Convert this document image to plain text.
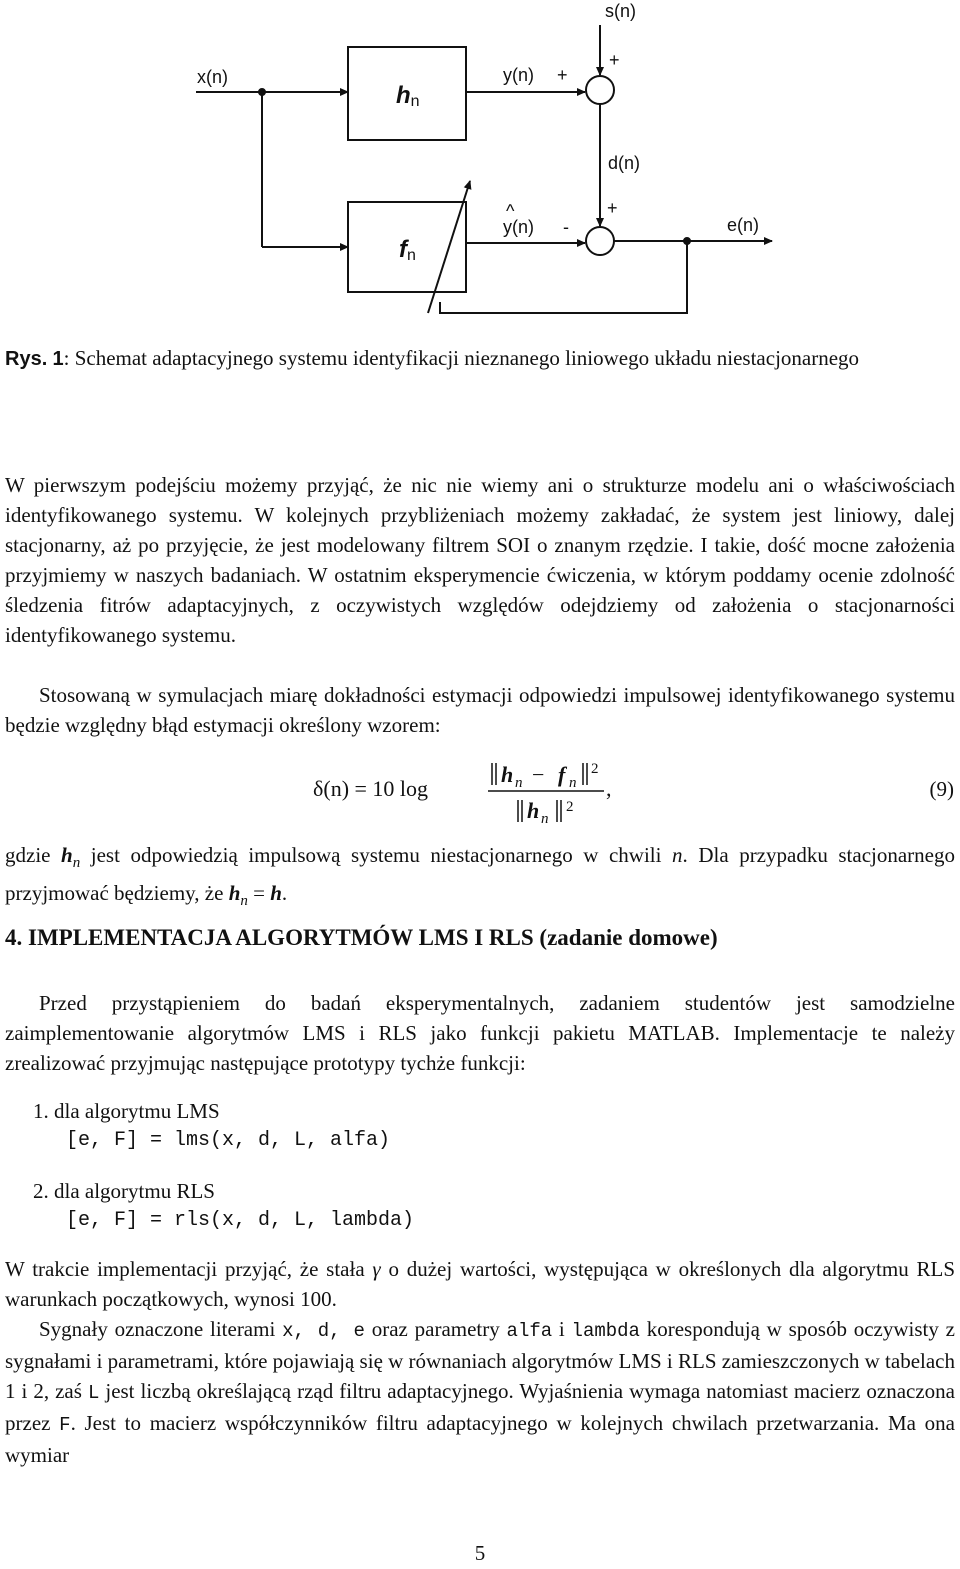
s(n)
x(n)	y(n) +
+
d(n)
y(n)
^
-
+
e(n)
hn
fn
Rys. 1: Schemat adaptacyjnego systemu identyfikacji nieznanego liniowego układu niestacjonarnego
W pierwszym podejściu możemy przyjąć, że nic nie wiemy ani o strukturze modelu ani o właściwościach identyfikowanego systemu. W kolejnych przybliżeniach możemy zakładać, że system jest liniowy, dalej stacjonarny, aż po przyjęcie, że jest modelowany filtrem SOI o znanym rzędzie. I takie, dość mocne założenia przyjmiemy w naszych badaniach. W ostatnim eksperymencie ćwiczenia, w którym poddamy ocenie zdolność śledzenia fitrów adaptacyjnych, z oczywistych względów odejdziemy od założenia o stacjonarności identyfikowanego systemu.
Stosowaną w symulacjach miarę dokładności estymacji odpowiedzi impulsowej identyfikowanego systemu będzie względny błąd estymacji określony wzorem:
δ(n) = 10 log
h n − f n
2
h n
2
,	(9)
gdzie $h_n$ jest odpowiedzią impulsową systemu niestacjonarnego w chwili n. Dla przypadku stacjonarnego przyjmować będziemy, że $h_n = h$.
4. IMPLEMENTACJA ALGORYTMÓW LMS I RLS (zadanie domowe)
Przed przystąpieniem do badań eksperymentalnych, zadaniem studentów jest samodzielne zaimplementowanie algorytmów LMS i RLS jako funkcji pakietu MATLAB. Implementacje te należy zrealizować przyjmując następujące prototypy tychże funkcji:
1. dla algorytmu LMS
[e, F] = lms(x, d, L, alfa)
2. dla algorytmu RLS
[e, F] = rls(x, d, L, lambda)
W trakcie implementacji przyjąć, że stała γ o dużej wartości, występująca w określonych dla algorytmu RLS warunkach początkowych, wynosi 100.
Sygnały oznaczone literami x, d, e oraz parametry alfa i lambda korespondują w sposób oczywisty z sygnałami i parametrami, które pojawiają się w równaniach algorytmów LMS i RLS zamieszczonych w tabelach 1 i 2, zaś L jest liczbą określającą rząd filtru adaptacyjnego. Wyjaśnienia wymaga natomiast macierz oznaczona przez F. Jest to macierz współczynników filtru adaptacyjnego w kolejnych chwilach przetwarzania. Ma ona wymiar
5
